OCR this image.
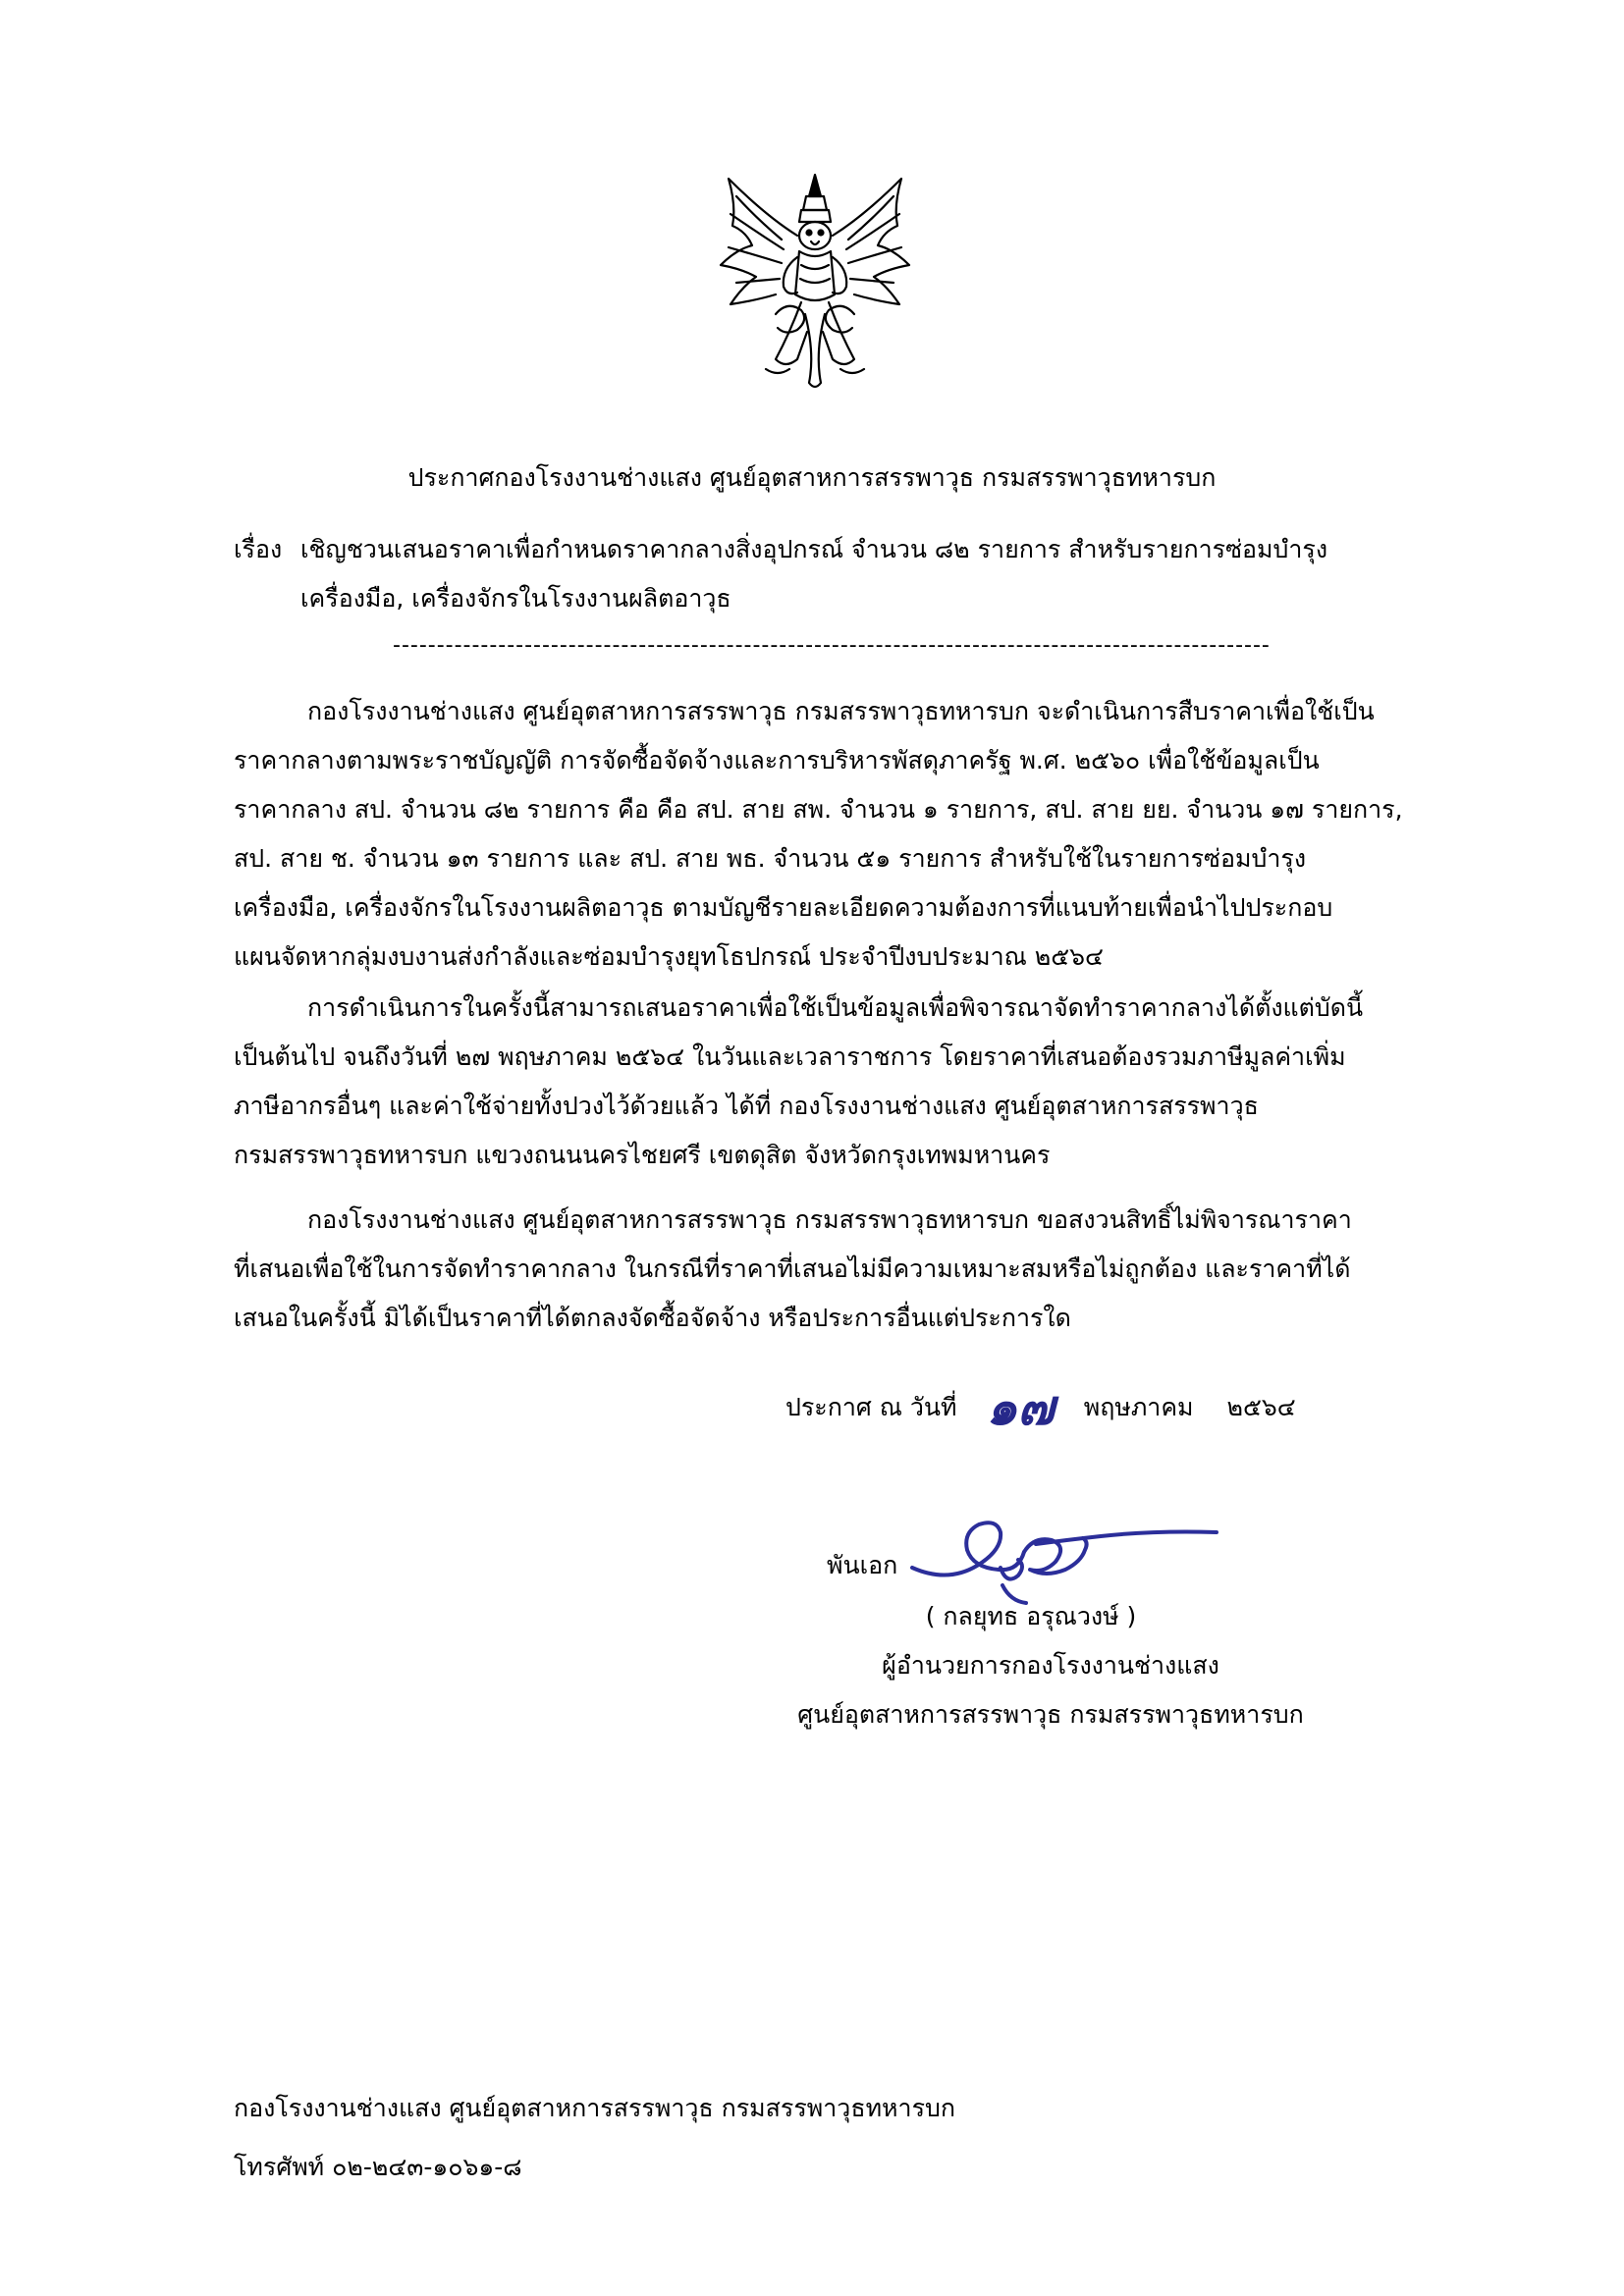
ประกาศกองโรงงานช่างแสง ศูนย์อุตสาหการสรรพาวุธ กรมสรรพาวุธทหารบก
เรื่อง เชิญชวนเสนอราคาเพื่อกำหนดราคากลางสิ่งอุปกรณ์ จำนวน ๘๒ รายการ สำหรับรายการซ่อมบำรุง
เครื่องมือ, เครื่องจักรในโรงงานผลิตอาวุธ
----------------------------------------------------------------------------------------------------
กองโรงงานช่างแสง ศูนย์อุตสาหการสรรพาวุธ กรมสรรพาวุธทหารบก จะดำเนินการสืบราคาเพื่อใช้เป็น
ราคากลางตามพระราชบัญญัติ การจัดซื้อจัดจ้างและการบริหารพัสดุภาครัฐ พ.ศ. ๒๕๖๐ เพื่อใช้ข้อมูลเป็น
ราคากลาง สป. จำนวน ๘๒ รายการ คือ คือ สป. สาย สพ. จำนวน ๑ รายการ, สป. สาย ยย. จำนวน ๑๗ รายการ,
สป. สาย ช. จำนวน ๑๓ รายการ และ สป. สาย พธ. จำนวน ๕๑ รายการ สำหรับใช้ในรายการซ่อมบำรุง
เครื่องมือ, เครื่องจักรในโรงงานผลิตอาวุธ ตามบัญชีรายละเอียดความต้องการที่แนบท้ายเพื่อนำไปประกอบ
แผนจัดหากลุ่มงบงานส่งกำลังและซ่อมบำรุงยุทโธปกรณ์ ประจำปีงบประมาณ ๒๕๖๔
การดำเนินการในครั้งนี้สามารถเสนอราคาเพื่อใช้เป็นข้อมูลเพื่อพิจารณาจัดทำราคากลางได้ตั้งแต่บัดนี้
เป็นต้นไป จนถึงวันที่ ๒๗ พฤษภาคม ๒๕๖๔ ในวันและเวลาราชการ โดยราคาที่เสนอต้องรวมภาษีมูลค่าเพิ่ม
ภาษีอากรอื่นๆ และค่าใช้จ่ายทั้งปวงไว้ด้วยแล้ว ได้ที่ กองโรงงานช่างแสง ศูนย์อุตสาหการสรรพาวุธ
กรมสรรพาวุธทหารบก แขวงถนนนครไชยศรี เขตดุสิต จังหวัดกรุงเทพมหานคร
กองโรงงานช่างแสง ศูนย์อุตสาหการสรรพาวุธ กรมสรรพาวุธทหารบก ขอสงวนสิทธิ์ไม่พิจารณาราคา
ที่เสนอเพื่อใช้ในการจัดทำราคากลาง ในกรณีที่ราคาที่เสนอไม่มีความเหมาะสมหรือไม่ถูกต้อง และราคาที่ได้
เสนอในครั้งนี้ มิได้เป็นราคาที่ได้ตกลงจัดซื้อจัดจ้าง หรือประการอื่นแต่ประการใด
ประกาศ ณ วันที่ ๑๗ พฤษภาคม ๒๕๖๔
พันเอก
( กลยุทธ อรุณวงษ์ )
ผู้อำนวยการกองโรงงานช่างแสง
ศูนย์อุตสาหการสรรพาวุธ กรมสรรพาวุธทหารบก
กองโรงงานช่างแสง ศูนย์อุตสาหการสรรพาวุธ กรมสรรพาวุธทหารบก
โทรศัพท์ ๐๒-๒๔๓-๑๐๖๑-๘
